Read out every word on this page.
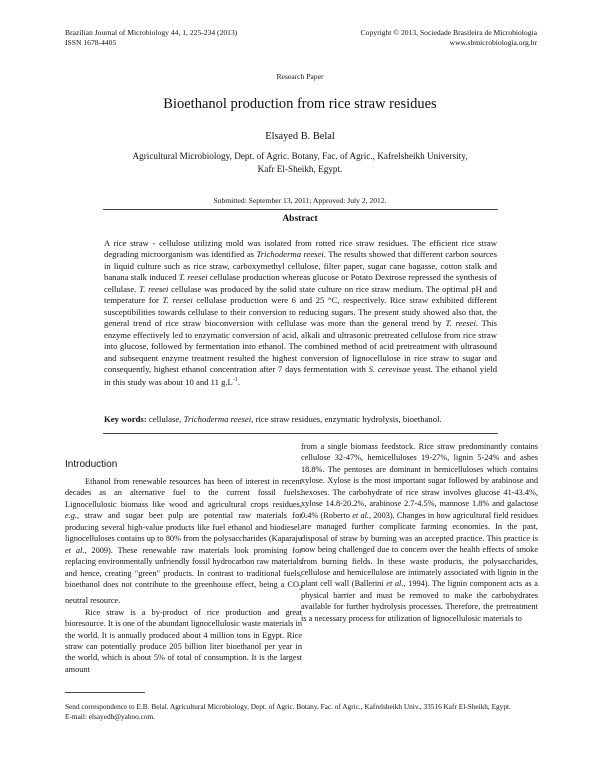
Brazilian Journal of Microbiology 44, 1, 225-234 (2013)
ISSN 1678-4405
Copyright © 2013, Sociedade Brasileira de Microbiologia
www.sbmicrobiologia.org.br
Research Paper
Bioethanol production from rice straw residues
Elsayed B. Belal
Agricultural Microbiology, Dept. of Agric. Botany, Fac. of Agric., Kafrelsheikh University,
Kafr El-Sheikh, Egypt.
Submitted: September 13, 2011; Approved: July 2, 2012.
Abstract
A rice straw - cellulose utilizing mold was isolated from rotted rice straw residues. The efficient rice straw degrading microorganism was identified as Trichoderma reesei. The results showed that different carbon sources in liquid culture such as rice straw, carboxymethyl cellulose, filter paper, sugar cane bagasse, cotton stalk and banana stalk induced T. reesei cellulase production whereas glucose or Potato Dextrose repressed the synthesis of cellulase. T. reesei cellulase was produced by the solid state culture on rice straw medium. The optimal pH and temperature for T. reesei cellulase production were 6 and 25 °C, respectively. Rice straw exhibited different susceptibilities towards cellulase to their conversion to reducing sugars. The present study showed also that, the general trend of rice straw bioconversion with cellulase was more than the general trend by T. reesei. This enzyme effectively led to enzymatic conversion of acid, alkali and ultrasonic pretreated cellulose from rice straw into glucose, followed by fermentation into ethanol. The combined method of acid pretreatment with ultrasound and subsequent enzyme treatment resulted the highest conversion of lignocellulose in rice straw to sugar and consequently, highest ethanol concentration after 7 days fermentation with S. cerevisae yeast. The ethanol yield in this study was about 10 and 11 $g.L^{-1}$.
Key words: cellulase, Trichoderma reesei, rice straw residues, enzymatic hydrolysis, bioethanol.
Introduction

Ethanol from renewable resources has been of interest in recent decades as an alternative fuel to the current fossil fuels. Lignocellulosic biomass like wood and agricultural crops residues, e.g., straw and sugar beet pulp are potential raw materials for producing several high-value products like fuel ethanol and biodiesel. lignocelluloses contains up to 80% from the polysaccharides (Kaparaju et al., 2009). These renewable raw materials look promising for replacing environmentally unfriendly fossil hydrocarbon raw materials and hence, creating "green" products. In contrast to traditional fuels, bioethanol does not contribute to the greenhouse effect, being a $CO_2$ neutral resource.

Rice straw is a by-product of rice production and great bioresource. It is one of the abundant lignocellulosic waste materials in the world. It is annually produced about 4 million tons in Egypt. Rice straw can potentially produce 205 billion liter bioethanol per year in the world, which is about 5% of total of consumption. It is the largest amount

from a single biomass feedstock. Rice straw predominantly contains cellulose 32-47%, hemicelluloses 19-27%, lignin 5-24% and ashes 18.8%. The pentoses are dominant in hemicelluloses which contains xylose. Xylose is the most important sugar followed by arabinose and hexoses. The carbohydrate of rice straw involves glucose 41-43.4%, xylose 14.8-20.2%, arabinose 2.7-4.5%, mannose 1.8% and galactose 0.4% (Roberto et al., 2003). Changes in how agricultural field residues are managed further complicate farming economies. In the past, disposal of straw by burning was an accepted practice. This practice is now being challenged due to concern over the health effects of smoke from burning fields. In these waste products, the polysaccharides, cellulose and hemicellulose are intimately associated with lignin in the plant cell wall (Ballerini et al., 1994). The lignin component acts as a physical barrier and must be removed to make the carbohydrates available for further hydrolysis processes. Therefore, the pretreatment is a necessary process for utilization of lignocellulosic materials to

Send correspondence to E.B. Belal. Agricultural Microbiology, Dept. of Agric. Botany, Fac. of Agric., Kafrelsheikh Univ., 33516 Kafr El-Sheikh, Egypt.
E-mail: elsayedb@yahoo.com.
